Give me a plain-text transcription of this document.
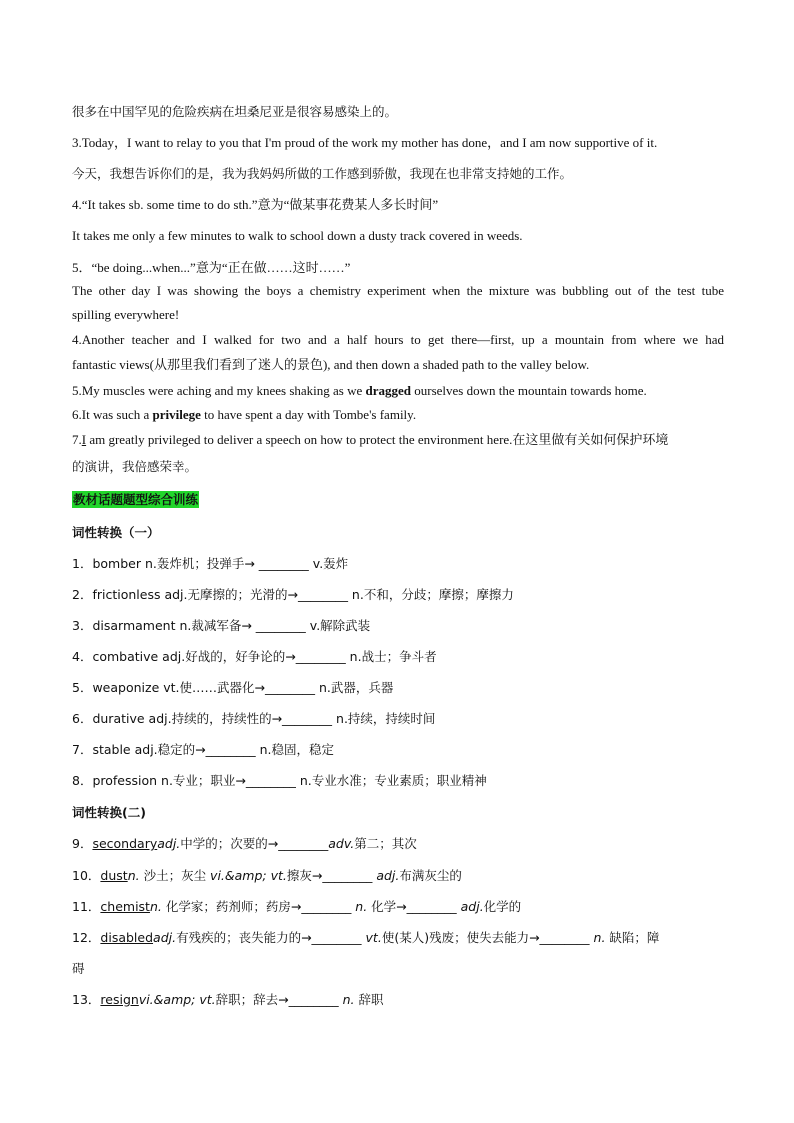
很多在中国罕见的危险疾病在坦桑尼亚是很容易感染上的。
3.Today，I want to relay to you that I'm proud of the work my mother has done，and I am now supportive of it.
今天，我想告诉你们的是，我为我妈妈所做的工作感到骄傲，我现在也非常支持她的工作。
4.“It takes sb. some time to do sth.”意为“做某事花费某人多长时间”
It takes me only a few minutes to walk to school down a dusty track covered in weeds.
5．“be doing...when...”意为“正在做……这时……”
The other day I was showing the boys a chemistry experiment when the mixture was bubbling out of the test tube
spilling everywhere!
4.Another teacher and I walked for two and a half hours to get there—first, up a mountain from where we had
fantastic views(从那里我们看到了迷人的景色), and then down a shaded path to the valley below.
5.My muscles were aching and my knees shaking as we dragged ourselves down the mountain towards home.
6.It was such a privilege to have spent a day with Tombe's family.
7.I am greatly privileged to deliver a speech on how to protect the environment here.在这里做有关如何保护环境
的演讲，我倍感荣幸。
教材话题题型综合训练
词性转换（一）
1．bomber n.轰炸机；投弹手→ ________ v.轰炸
2．frictionless adj.无摩擦的；光滑的→________ n.不和，分歧；摩擦；摩擦力
3．disarmament n.裁减军备→ ________ v.解除武装
4．combative adj.好战的，好争论的→________ n.战士；争斗者
5．weaponize vt.使……武器化→________ n.武器，兵器
6．durative adj.持续的，持续性的→________ n.持续，持续时间
7．stable adj.稳定的→________ n.稳固，稳定
8．profession n.专业；职业→________ n.专业水准；专业素质；职业精神
词性转换(二)
9．secondaryadj.中学的；次要的→________adv.第二；其次
10．dustn. 沙土；灰尘 vi.&amp; vt.擦灰→________ adj.布满灰尘的
11．chemistn. 化学家；药剂师；药房→________ n. 化学→________ adj.化学的
12．disabledadj.有残疾的；丧失能力的→________ vt.使(某人)残废；使失去能力→________ n. 缺陷；障
碍
13．resignvi.&amp; vt.辞职；辞去→________ n. 辞职
